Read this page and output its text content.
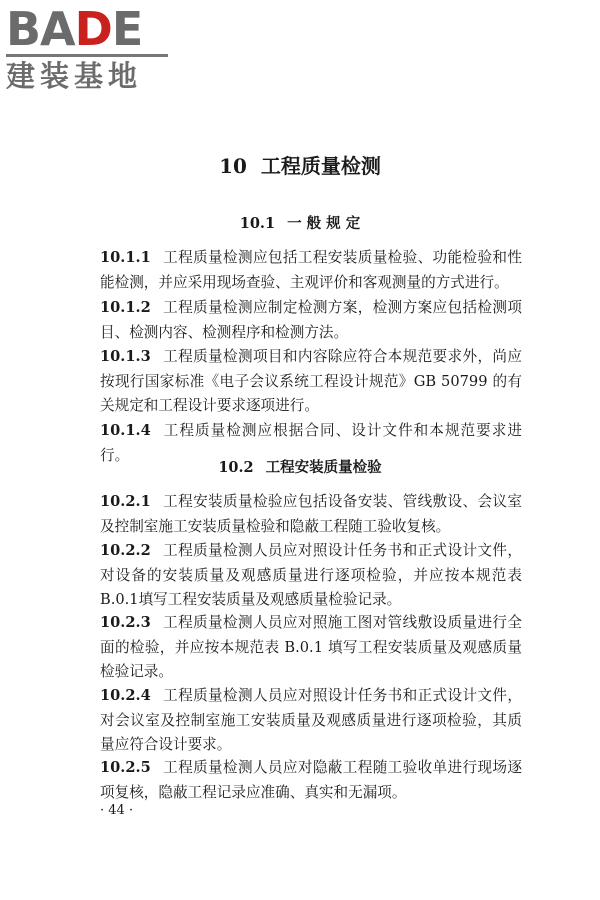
BADE
建装基地
10 工程质量检测
10.1 一 般 规 定
10.1.1 工程质量检测应包括工程安装质量检验、功能检验和性能检测，并应采用现场查验、主观评价和客观测量的方式进行。
10.1.2 工程质量检测应制定检测方案，检测方案应包括检测项目、检测内容、检测程序和检测方法。
10.1.3 工程质量检测项目和内容除应符合本规范要求外，尚应按现行国家标准《电子会议系统工程设计规范》GB 50799 的有关规定和工程设计要求逐项进行。
10.1.4 工程质量检测应根据合同、设计文件和本规范要求进行。
10.2 工程安装质量检验
10.2.1 工程安装质量检验应包括设备安装、管线敷设、会议室及控制室施工安装质量检验和隐蔽工程随工验收复核。
10.2.2 工程质量检测人员应对照设计任务书和正式设计文件，对设备的安装质量及观感质量进行逐项检验，并应按本规范表B.0.1填写工程安装质量及观感质量检验记录。
10.2.3 工程质量检测人员应对照施工图对管线敷设质量进行全面的检验，并应按本规范表 B.0.1 填写工程安装质量及观感质量检验记录。
10.2.4 工程质量检测人员应对照设计任务书和正式设计文件，对会议室及控制室施工安装质量及观感质量进行逐项检验，其质量应符合设计要求。
10.2.5 工程质量检测人员应对隐蔽工程随工验收单进行现场逐项复核，隐蔽工程记录应准确、真实和无漏项。
· 44 ·
